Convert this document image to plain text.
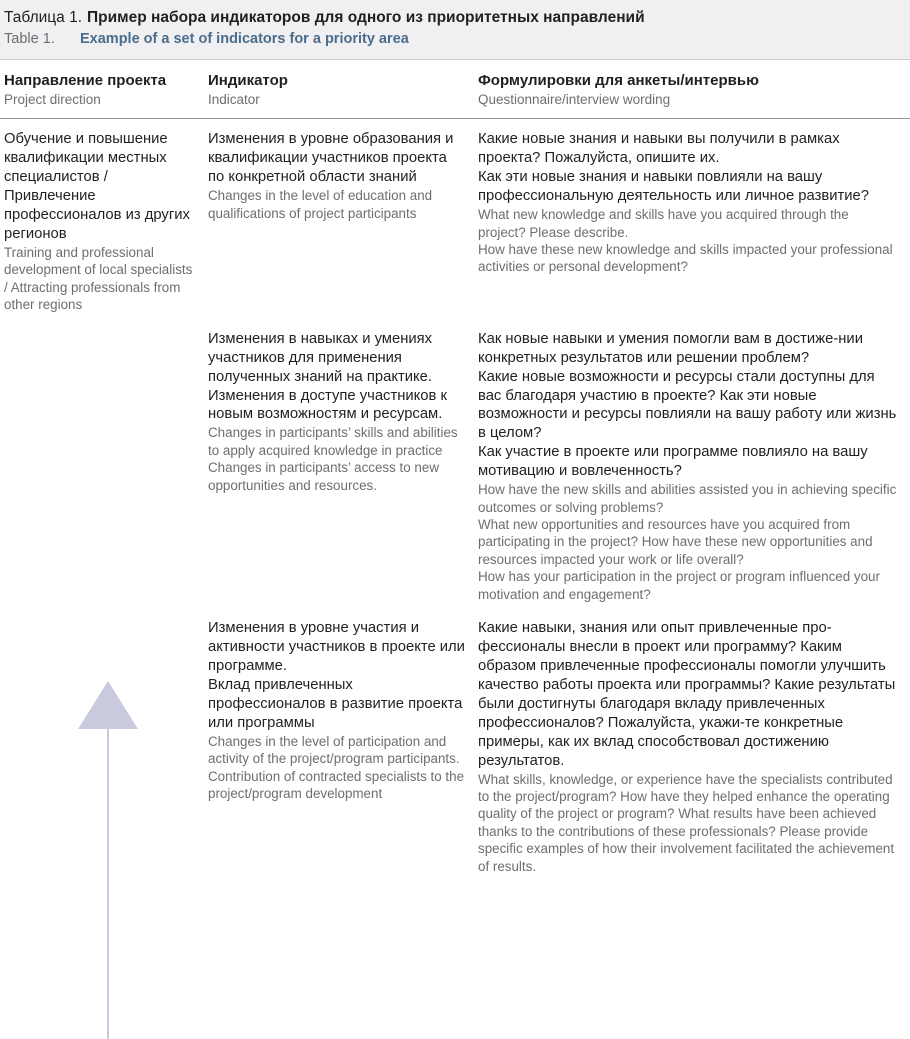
Таблица 1. Пример набора индикаторов для одного из приоритетных направлений
Table 1.	Example of a set of indicators for a priority area
Направление проекта
Project direction
Индикатор
Indicator
Формулировки для анкеты/интервью
Questionnaire/interview wording
Обучение и повышение квалификации местных специалистов / Привлечение профессионалов из других регионов
Training and professional development of local specialists / Attracting professionals from other regions

Изменения в уровне образования и квалификации участников проекта

по конкретной области знаний

Changes in the level of education and qualifications of project participants

Какие новые знания и навыки вы получили в рамках проекта? Пожалуйста, опишите их.

Как эти новые знания и навыки повлияли на вашу профессиональную деятельность или личное развитие?

What new knowledge and skills have you acquired through the project? Please describe.

How have these new knowledge and skills impacted your professional activities or personal development?

Изменения в навыках и умениях участников для применения полученных знаний на практике.

Изменения в доступе участников к новым возможностям и ресурсам.

Changes in participants’ skills and abilities to apply acquired knowledge in practice

Changes in participants’ access to new opportunities and resources.

Как новые навыки и умения помогли вам в достиже-нии конкретных результатов или решении проблем?

Какие новые возможности и ресурсы стали доступны для вас благодаря участию в проекте? Как эти новые возможности и ресурсы повлияли на вашу работу или жизнь в целом?

Как участие в проекте или программе повлияло на вашу мотивацию и вовлеченность?

How have the new skills and abilities assisted you in achieving specific outcomes or solving problems?

What new opportunities and resources have you acquired from participating in the project? How have these new opportunities and resources impacted your work or life overall?

How has your participation in the project or program influenced your motivation and engagement?

Изменения в уровне участия и активности участников в проекте или программе.

Вклад привлеченных профессионалов в развитие проекта или программы

Changes in the level of participation and activity of the project/program participants.

Contribution of contracted specialists to the project/program development

Какие навыки, знания или опыт привлеченные про-фессионалы внесли в проект или программу? Каким образом привлеченные профессионалы помогли улучшить качество работы проекта или программы? Какие результаты были достигнуты благодаря вкладу привлеченных профессионалов? Пожалуйста, укажи-те конкретные примеры, как их вклад способствовал достижению результатов.
What skills, knowledge, or experience have the specialists contributed to the project/program? How have they helped enhance the operating quality of the project or program? What results have been achieved thanks to the contributions of these professionals? Please provide specific examples of how their involvement facilitated the achievement of results.
